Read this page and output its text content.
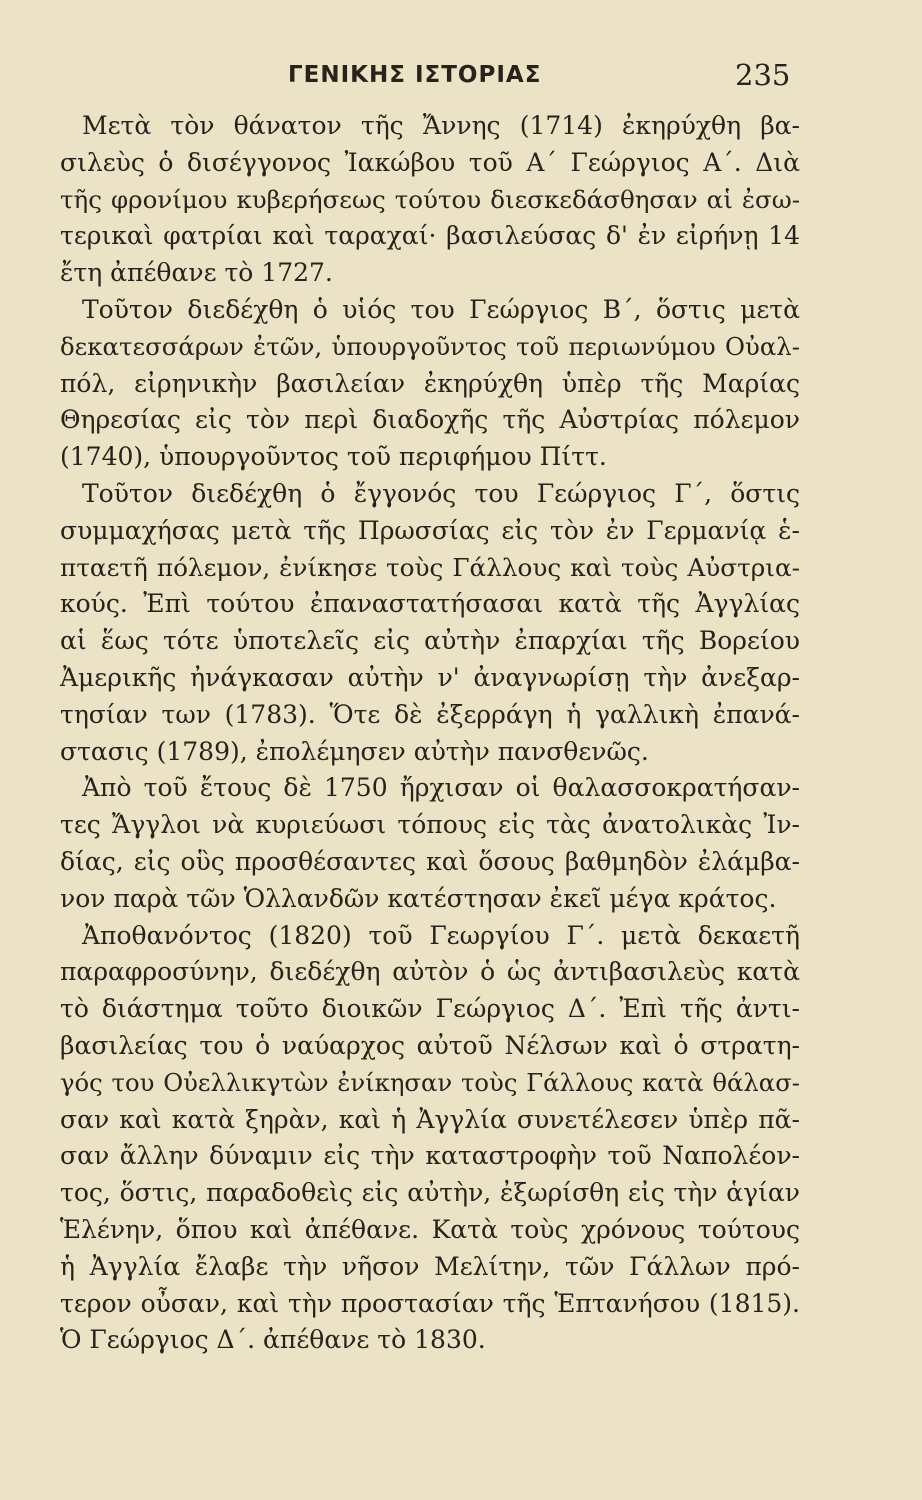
ΓΕΝΙΚΗΣ ΙΣΤΟΡΙΑΣ	235
Μετὰ τὸν θάνατον τῆς Ἄννης (1714) ἐκηρύχθη βα-
σιλεὺς ὁ δισέγγονος Ἰακώβου τοῦ Α΄ Γεώργιος Α΄. Διὰ
τῆς φρονίμου κυβερήσεως τούτου διεσκεδάσθησαν αἱ ἐσω-
τερικαὶ φατρίαι καὶ ταραχαί· βασιλεύσας δ' ἐν εἰρήνῃ 14
ἔτη ἀπέθανε τὸ 1727.
Τοῦτον διεδέχθη ὁ υἱός του Γεώργιος Β΄, ὅστις μετὰ
δεκατεσσάρων ἐτῶν, ὑπουργοῦντος τοῦ περιωνύμου Οὐαλ-
πόλ, εἰρηνικὴν βασιλείαν ἐκηρύχθη ὑπὲρ τῆς Μαρίας
Θηρεσίας εἰς τὸν περὶ διαδοχῆς τῆς Αὐστρίας πόλεμον
(1740), ὑπουργοῦντος τοῦ περιφήμου Πίττ.
Τοῦτον διεδέχθη ὁ ἔγγονός του Γεώργιος Γ΄, ὅστις
συμμαχήσας μετὰ τῆς Πρωσσίας εἰς τὸν ἐν Γερμανίᾳ ἑ-
πταετῆ πόλεμον, ἐνίκησε τοὺς Γάλλους καὶ τοὺς Αὐστρια-
κούς. Ἐπὶ τούτου ἐπαναστατήσασαι κατὰ τῆς Ἀγγλίας
αἱ ἕως τότε ὑποτελεῖς εἰς αὐτὴν ἐπαρχίαι τῆς Βορείου
Ἀμερικῆς ἠνάγκασαν αὐτὴν ν' ἀναγνωρίσῃ τὴν ἀνεξαρ-
τησίαν των (1783). Ὅτε δὲ ἐξερράγη ἡ γαλλικὴ ἐπανά-
στασις (1789), ἐπολέμησεν αὐτὴν πανσθενῶς.
Ἀπὸ τοῦ ἔτους δὲ 1750 ἤρχισαν οἱ θαλασσοκρατήσαν-
τες Ἄγγλοι νὰ κυριεύωσι τόπους εἰς τὰς ἀνατολικὰς Ἰν-
δίας, εἰς οὓς προσθέσαντες καὶ ὅσους βαθμηδὸν ἐλάμβα-
νον παρὰ τῶν Ὁλλανδῶν κατέστησαν ἐκεῖ μέγα κράτος.
Ἀποθανόντος (1820) τοῦ Γεωργίου Γ΄. μετὰ δεκαετῆ
παραφροσύνην, διεδέχθη αὐτὸν ὁ ὡς ἀντιβασιλεὺς κατὰ
τὸ διάστημα τοῦτο διοικῶν Γεώργιος Δ΄. Ἐπὶ τῆς ἀντι-
βασιλείας του ὁ ναύαρχος αὐτοῦ Νέλσων καὶ ὁ στρατη-
γός του Οὐελλικγτὼν ἐνίκησαν τοὺς Γάλλους κατὰ θάλασ-
σαν καὶ κατὰ ξηρὰν, καὶ ἡ Ἀγγλία συνετέλεσεν ὑπὲρ πᾶ-
σαν ἄλλην δύναμιν εἰς τὴν καταστροφὴν τοῦ Ναπολέον-
τος, ὅστις, παραδοθεὶς εἰς αὐτὴν, ἐξωρίσθη εἰς τὴν ἁγίαν
Ἑλένην, ὅπου καὶ ἀπέθανε. Κατὰ τοὺς χρόνους τούτους
ἡ Ἀγγλία ἔλαβε τὴν νῆσον Μελίτην, τῶν Γάλλων πρό-
τερον οὖσαν, καὶ τὴν προστασίαν τῆς Ἑπτανήσου (1815).
Ὁ Γεώργιος Δ΄. ἀπέθανε τὸ 1830.
